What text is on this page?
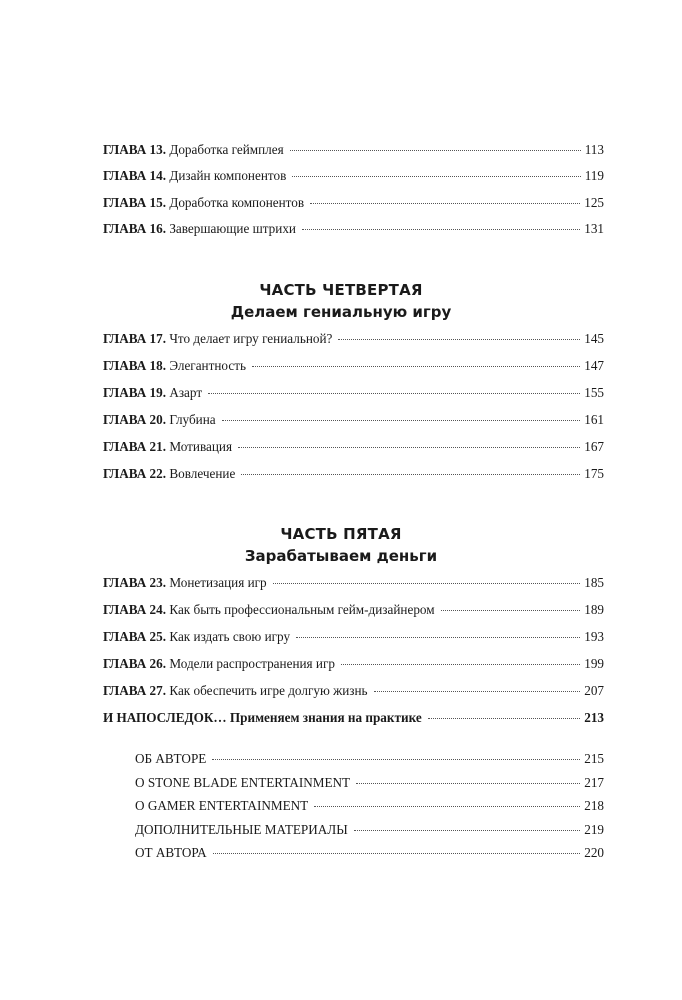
ГЛАВА 13. Доработка геймплея	113
ГЛАВА 14. Дизайн компонентов	119
ГЛАВА 15. Доработка компонентов	125
ГЛАВА 16. Завершающие штрихи	131
ГЛАВА 17. Что делает игру гениальной?	145
ГЛАВА 18. Элегантность	147
ГЛАВА 19. Азарт	155
ГЛАВА 20. Глубина	161
ГЛАВА 21. Мотивация	167
ГЛАВА 22. Вовлечение	175
ГЛАВА 23. Монетизация игр	185
ГЛАВА 24. Как быть профессиональным гейм-дизайнером	189
ГЛАВА 25. Как издать свою игру	193
ГЛАВА 26. Модели распространения игр	199
ГЛАВА 27. Как обеспечить игре долгую жизнь	207
И НАПОСЛЕДОК… Применяем знания на практике	213
ОБ АВТОРЕ	215
О STONE BLADE ENTERTAINMENT	217
О GAMER ENTERTAINMENT	218
ДОПОЛНИТЕЛЬНЫЕ МАТЕРИАЛЫ	219
ОТ АВТОРА	220
ЧАСТЬ ЧЕТВЕРТАЯ
Делаем гениальную игру
ЧАСТЬ ПЯТАЯ
Зарабатываем деньги
